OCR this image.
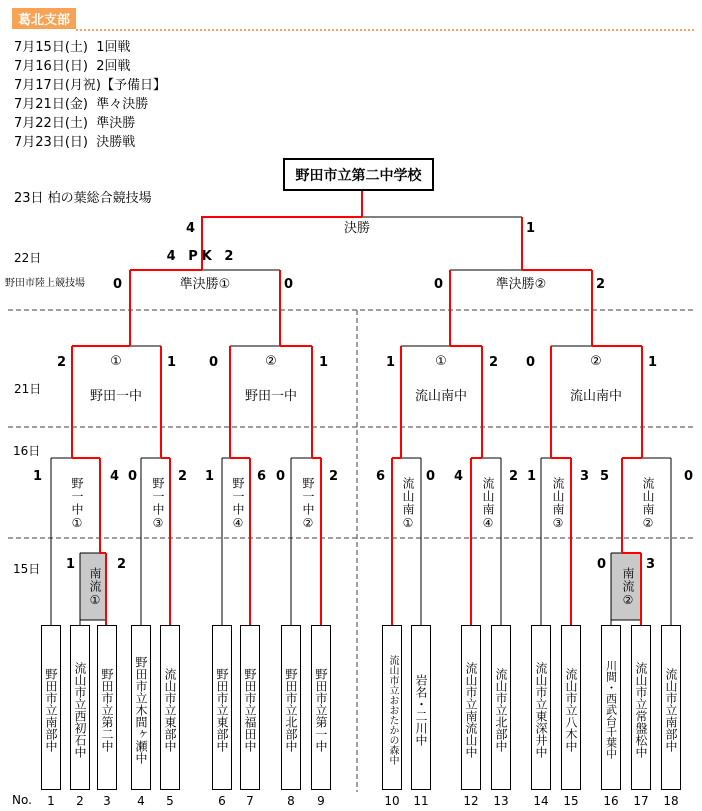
葛北支部
7月15日(土)  1回戦
7月16日(日)  2回戦
7月17日(月祝)【予備日】
7月21日(金)  準々決勝
7月22日(土)  準決勝
7月23日(日)  決勝戦
23日 柏の葉総合競技場
22日
野田市陸上競技場
21日
16日
15日
No.
野田市立第二中学校
決勝
4	1
4 PK 2
準決勝①
0	0	準決勝②
0	2
①
野田一中
2	1	②
野田一中
0	1	①
流山南中
1	2	②
流山南中
0	1
野一中①
1	4
野一中③
0	2
野一中④
1	6
野一中②
0	2
流山南①
6	0
流山南④
4	2
流山南③
1	3
流山南②
5	0
南流①
1	2
南流②
0	3
野田市立南部中 流山市立西初石中 野田市立第二中 野田市立木間ヶ瀬中 流山市立東部中	野田市立東部中 野田市立福田中 野田市立北部中 野田市立第一中	流山市立おおたかの森中 岩名・二川中	流山市立南流山中 流山市立北部中 流山市立東深井中 流山市立八木中 川間・西武台千葉中 流山市立常盤松中 流山市立南部中
1	2	3	4	5	6	7	8	9	10 11	12 13 14 15 16 17 18
